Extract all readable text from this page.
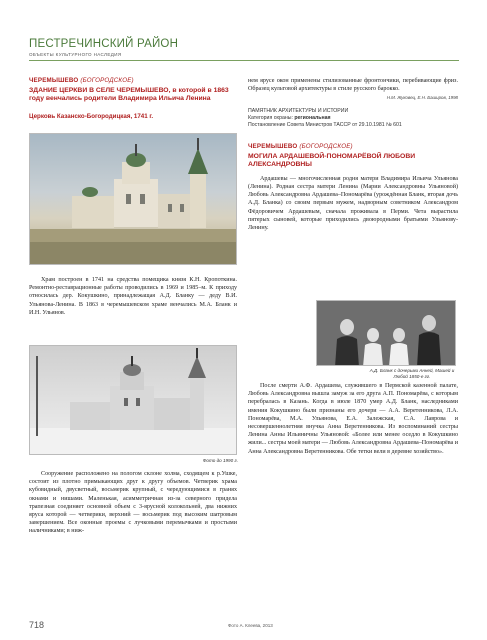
ПЕСТРЕЧИНСКИЙ РАЙОН
ОБЪЕКТЫ КУЛЬТУРНОГО НАСЛЕДИЯ
ЧЕРЕМЫШЕВО (БОГОРОДСКОЕ)
ЗДАНИЕ ЦЕРКВИ В СЕЛЕ ЧЕРЕМЫШЕВО, в которой в 1863 году венчались родители Владимира Ильича Ленина
Церковь Казанско-Богородицкая, 1741 г.
Храм построен в 1741 на средства помещика князя К.Н. Кропоткина. Ремонтно-реставрационные работы проводились в 1969 и 1985–м. К приходу относилась дер. Кокушкино, принадлежащая А.Д. Бланку — деду В.И. Ульянова-Ленина. В 1863 в черемышевском храме венчались М.А. Бланк и И.Н. Ульянов.
Фото до 1990 г.
Сооружение расположено на пологом склоне холма, сходящем к р.Ушке, состоит из плотно примыкающих друг к другу объемов. Четверик храма кубовидный, двусветный, восьмерик крупный, с чередующимися в гранях окнами и нишами. Маленькая, асимметричная из-за северного придела трапезная соединяет основной объем с 3-ярусной колокольней, два нижних яруса которой — четверики, верхний — восьмерик под высоким шатровым завершением. Все оконные проемы с лучковыми перемычками и простыми наличниками; в ниж-
нем ярусе окон применены стилизованные фронтончики, перебивающие фриз. Образец культовой архитектуры в стиле русского барокко.
Н.М. Жуковец, Е.Н. Баширов, 1998
ПАМЯТНИК АРХИТЕКТУРЫ И ИСТОРИИ
Категория охраны: региональная
Постановление Совета Министров ТАССР от 29.10.1981 № 601
ЧЕРЕМЫШЕВО (БОГОРОДСКОЕ)
МОГИЛА АРДАШЕВОЙ-ПОНОМАРЁВОЙ ЛЮБОВИ АЛЕКСАНДРОВНЫ
Ардашевы — многочисленная родня матери Владимира Ильича Ульянова (Ленина). Родная сестра матери Ленина (Марии Александровны Ульяновой) Любовь Александровна Ардашева–Пономарёва (урождённая Бланк, вторая дочь А.Д. Бланка) со своим первым мужем, надворным советником Александром Фёдоровичем Ардашевым, сначала проживала в Перми. Чета вырастила пятерых сыновей, которые приходились двоюродными братьями Ульянову-Ленину.
А.Д. Бланк с дочерьми Анней, Машей и Любой 1850-е гг.
После смерти А.Ф. Ардашева, служившего в Пермской казенной палате, Любовь Александровна вышла замуж за его друга А.П. Пономарёва, с которым перебралась в Казань. Когда в июле 1870 умер А.Д. Бланк, наследниками имения Кокушкино были признаны его дочери — А.А. Веретенникова, Л.А. Пономарёва, М.А. Ульянова, Е.А. Залежская, С.А. Лаврова и несовершеннолетняя внучка Анна Веретенникова. Из воспоминаний сестры Ленина Анны Ильиничны Ульяновой: «Более или менее оседло в Кокушкино жили... сестры моей матери — Любовь Александровна Ардашева–Пономарёва и Анна Александровна Веретенникова. Обе тетки вели в деревне хозяйство».
718	Фото А. Клеева, 2013
